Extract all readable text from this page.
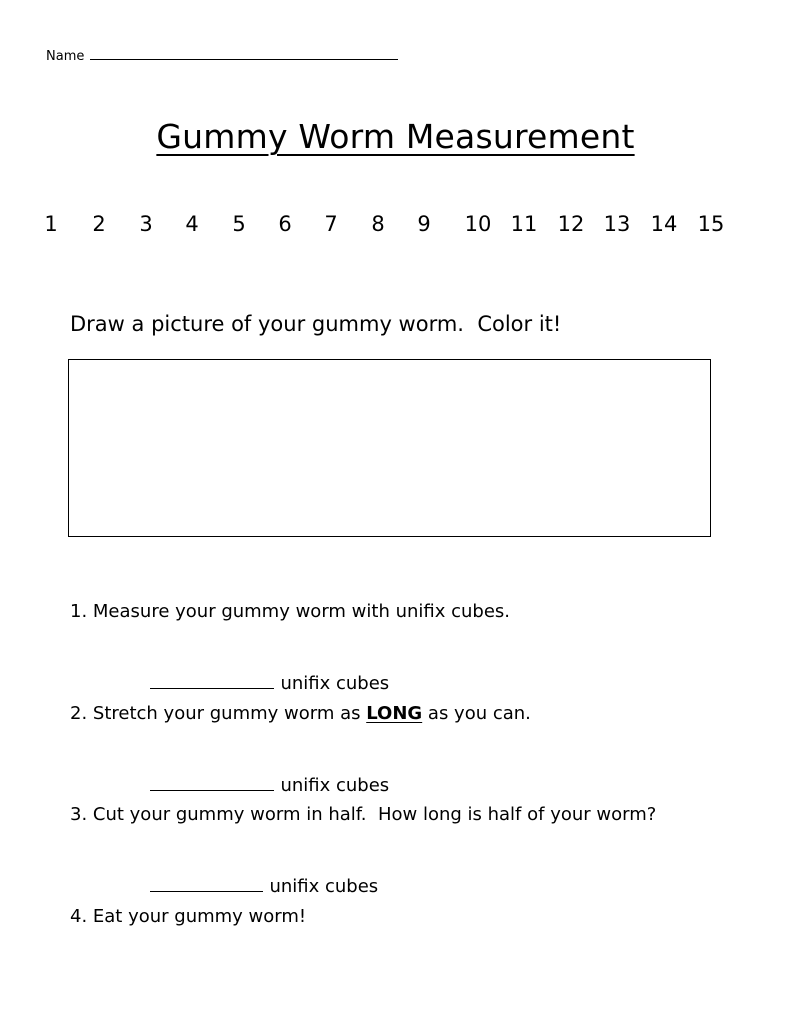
Name
Gummy Worm Measurement
1 2 3 4 5 6 7 8 9 10 11 12 13 14 15
Draw a picture of your gummy worm.  Color it!
1. Measure your gummy worm with unifix cubes.

unifix cubes

2. Stretch your gummy worm as LONG as you can.

unifix cubes

3. Cut your gummy worm in half.  How long is half of your worm?

unifix cubes

4. Eat your gummy worm!
